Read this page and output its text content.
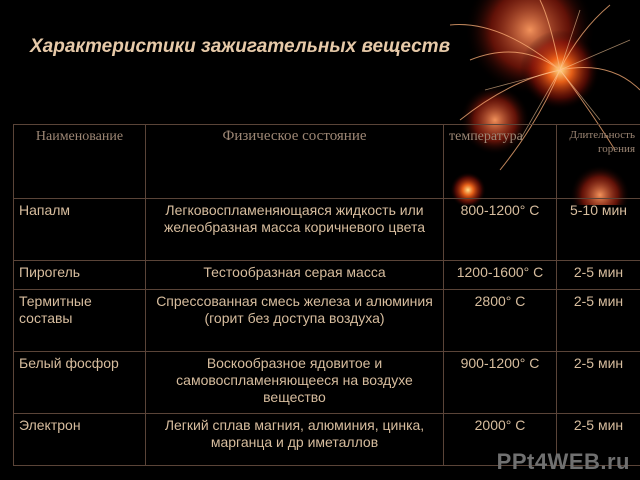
Характеристики зажигательных веществ
Наименование	Физическое состояние	температура	Длительность горения
Напалм	Легковоспламеняющаяся жидкость или желеобразная масса коричневого цвета	800-1200° С	5-10 мин
Пирогель	Тестообразная серая масса	1200-1600° С	2-5 мин
Термитные составы	Спрессованная смесь железа и алюминия (горит без доступа воздуха)	2800° С	2-5 мин
Белый фосфор	Воскообразное ядовитое и самовоспламеняющееся на воздухе вещество	900-1200° С	2-5 мин
Электрон	Легкий сплав магния, алюминия, цинка, марганца и др иметаллов	2000° С	2-5 мин
PPt4WEB.ru
